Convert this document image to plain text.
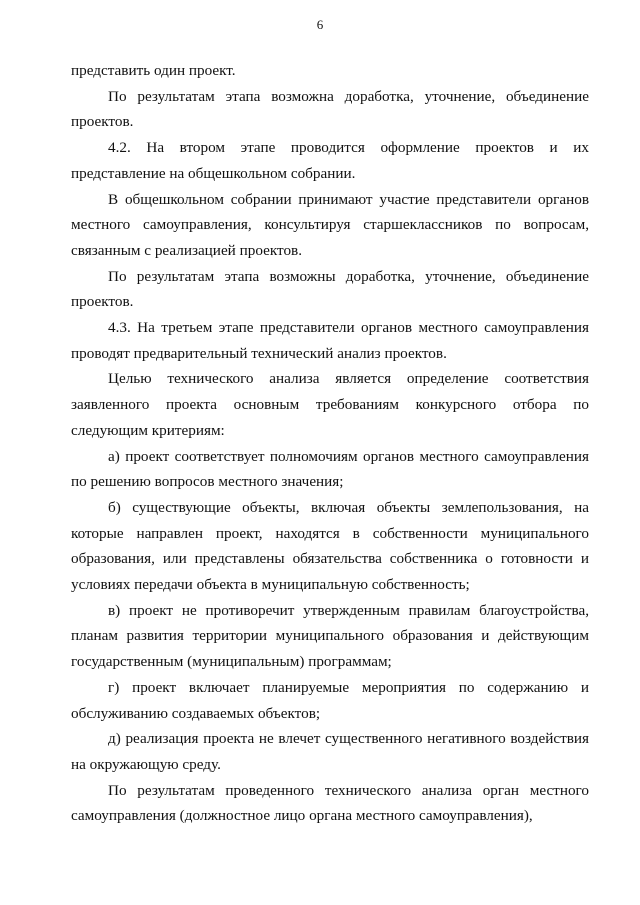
6
представить один проект.
По результатам этапа возможна доработка, уточнение, объединение
проектов.
4.2. На втором этапе проводится оформление проектов и их
представление на общешкольном собрании.
В общешкольном собрании принимают участие представители органов
местного самоуправления, консультируя старшеклассников по вопросам,
связанным с реализацией проектов.
По результатам этапа возможны доработка, уточнение, объединение
проектов.
4.3. На третьем этапе представители органов местного самоуправления
проводят предварительный технический анализ проектов.
Целью технического анализа является определение соответствия
заявленного проекта основным требованиям конкурсного отбора по
следующим критериям:
а) проект соответствует полномочиям органов местного самоуправления
по решению вопросов местного значения;
б) существующие объекты, включая объекты землепользования, на
которые направлен проект, находятся в собственности муниципального
образования, или представлены обязательства собственника о готовности и
условиях передачи объекта в муниципальную собственность;
в) проект не противоречит утвержденным правилам благоустройства,
планам развития территории муниципального образования и действующим
государственным (муниципальным) программам;
г) проект включает планируемые мероприятия по содержанию и
обслуживанию создаваемых объектов;
д) реализация проекта не влечет существенного негативного воздействия
на окружающую среду.
По результатам проведенного технического анализа орган местного
самоуправления (должностное лицо органа местного самоуправления),
